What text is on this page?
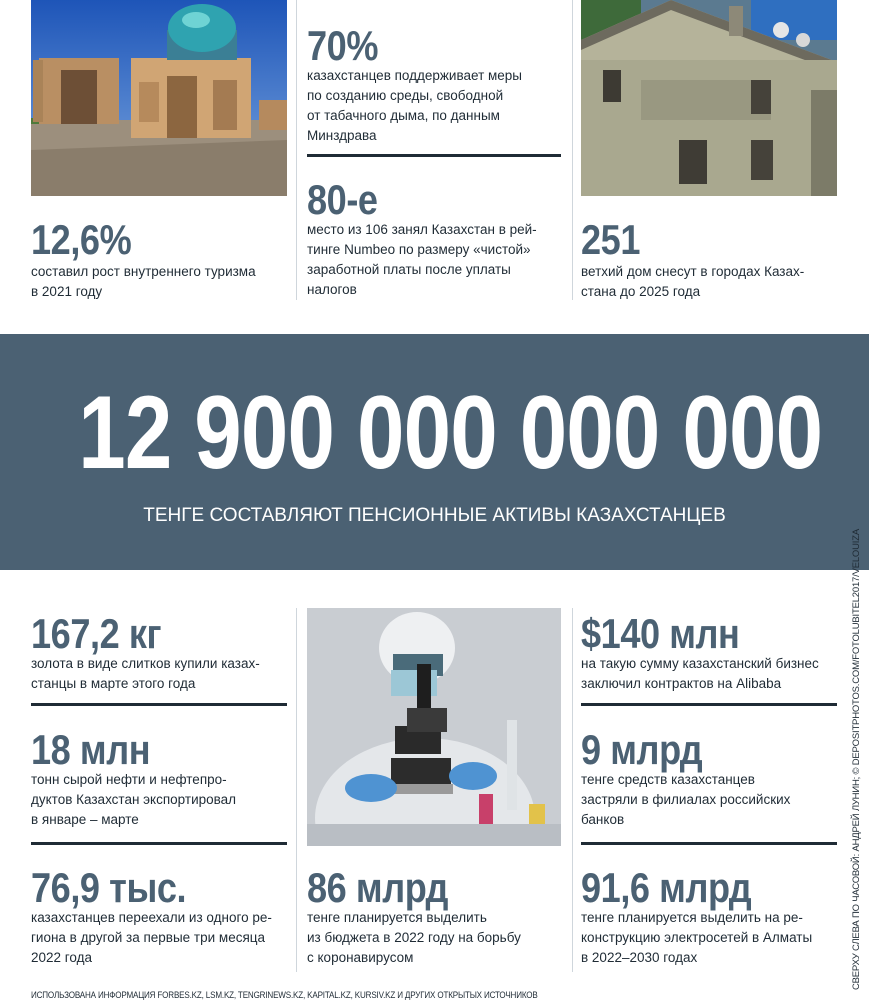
12,6%
составил рост внутреннего туризма
в 2021 году
70%
казахстанцев поддерживает меры
по созданию среды, свободной
от табачного дыма, по данным
Минздрава
80-е
место из 106 занял Казахстан в рей-
тинге Numbeo по размеру «чистой»
заработной платы после уплаты
налогов
251
ветхий дом снесут в городах Казах-
стана до 2025 года
12 900 000 000 000
ТЕНГЕ СОСТАВЛЯЮТ ПЕНСИОННЫЕ АКТИВЫ КАЗАХСТАНЦЕВ
167,2 кг
золота в виде слитков купили казах-
станцы в марте этого года
18 млн
тонн сырой нефти и нефтепро-
дуктов Казахстан экспортировал
в январе – марте
76,9 тыс.
казахстанцев переехали из одного ре-
гиона в другой за первые три месяца
2022 года
86 млрд
тенге планируется выделить
из бюджета в 2022 году на борьбу
с коронавирусом
$140 млн
на такую сумму казахстанский бизнес
заключил контрактов на Alibaba
9 млрд
тенге средств казахстанцев
застряли в филиалах российских
банков
91,6 млрд
тенге планируется выделить на ре-
конструкцию электросетей в Алматы
в 2022–2030 годах
ИСПОЛЬЗОВАНА ИНФОРМАЦИЯ FORBES.KZ, LSM.KZ, TENGRINEWS.KZ, KAPITAL.KZ, KURSIV.KZ И ДРУГИХ ОТКРЫТЫХ ИСТОЧНИКОВ
СВЕРХУ СЛЕВА ПО ЧАСОВОЙ: АНДРЕЙ ЛУНИН; © DEPOSITPHOTOS.COM/FOTOLUBITEL2017/VELOUIZA
